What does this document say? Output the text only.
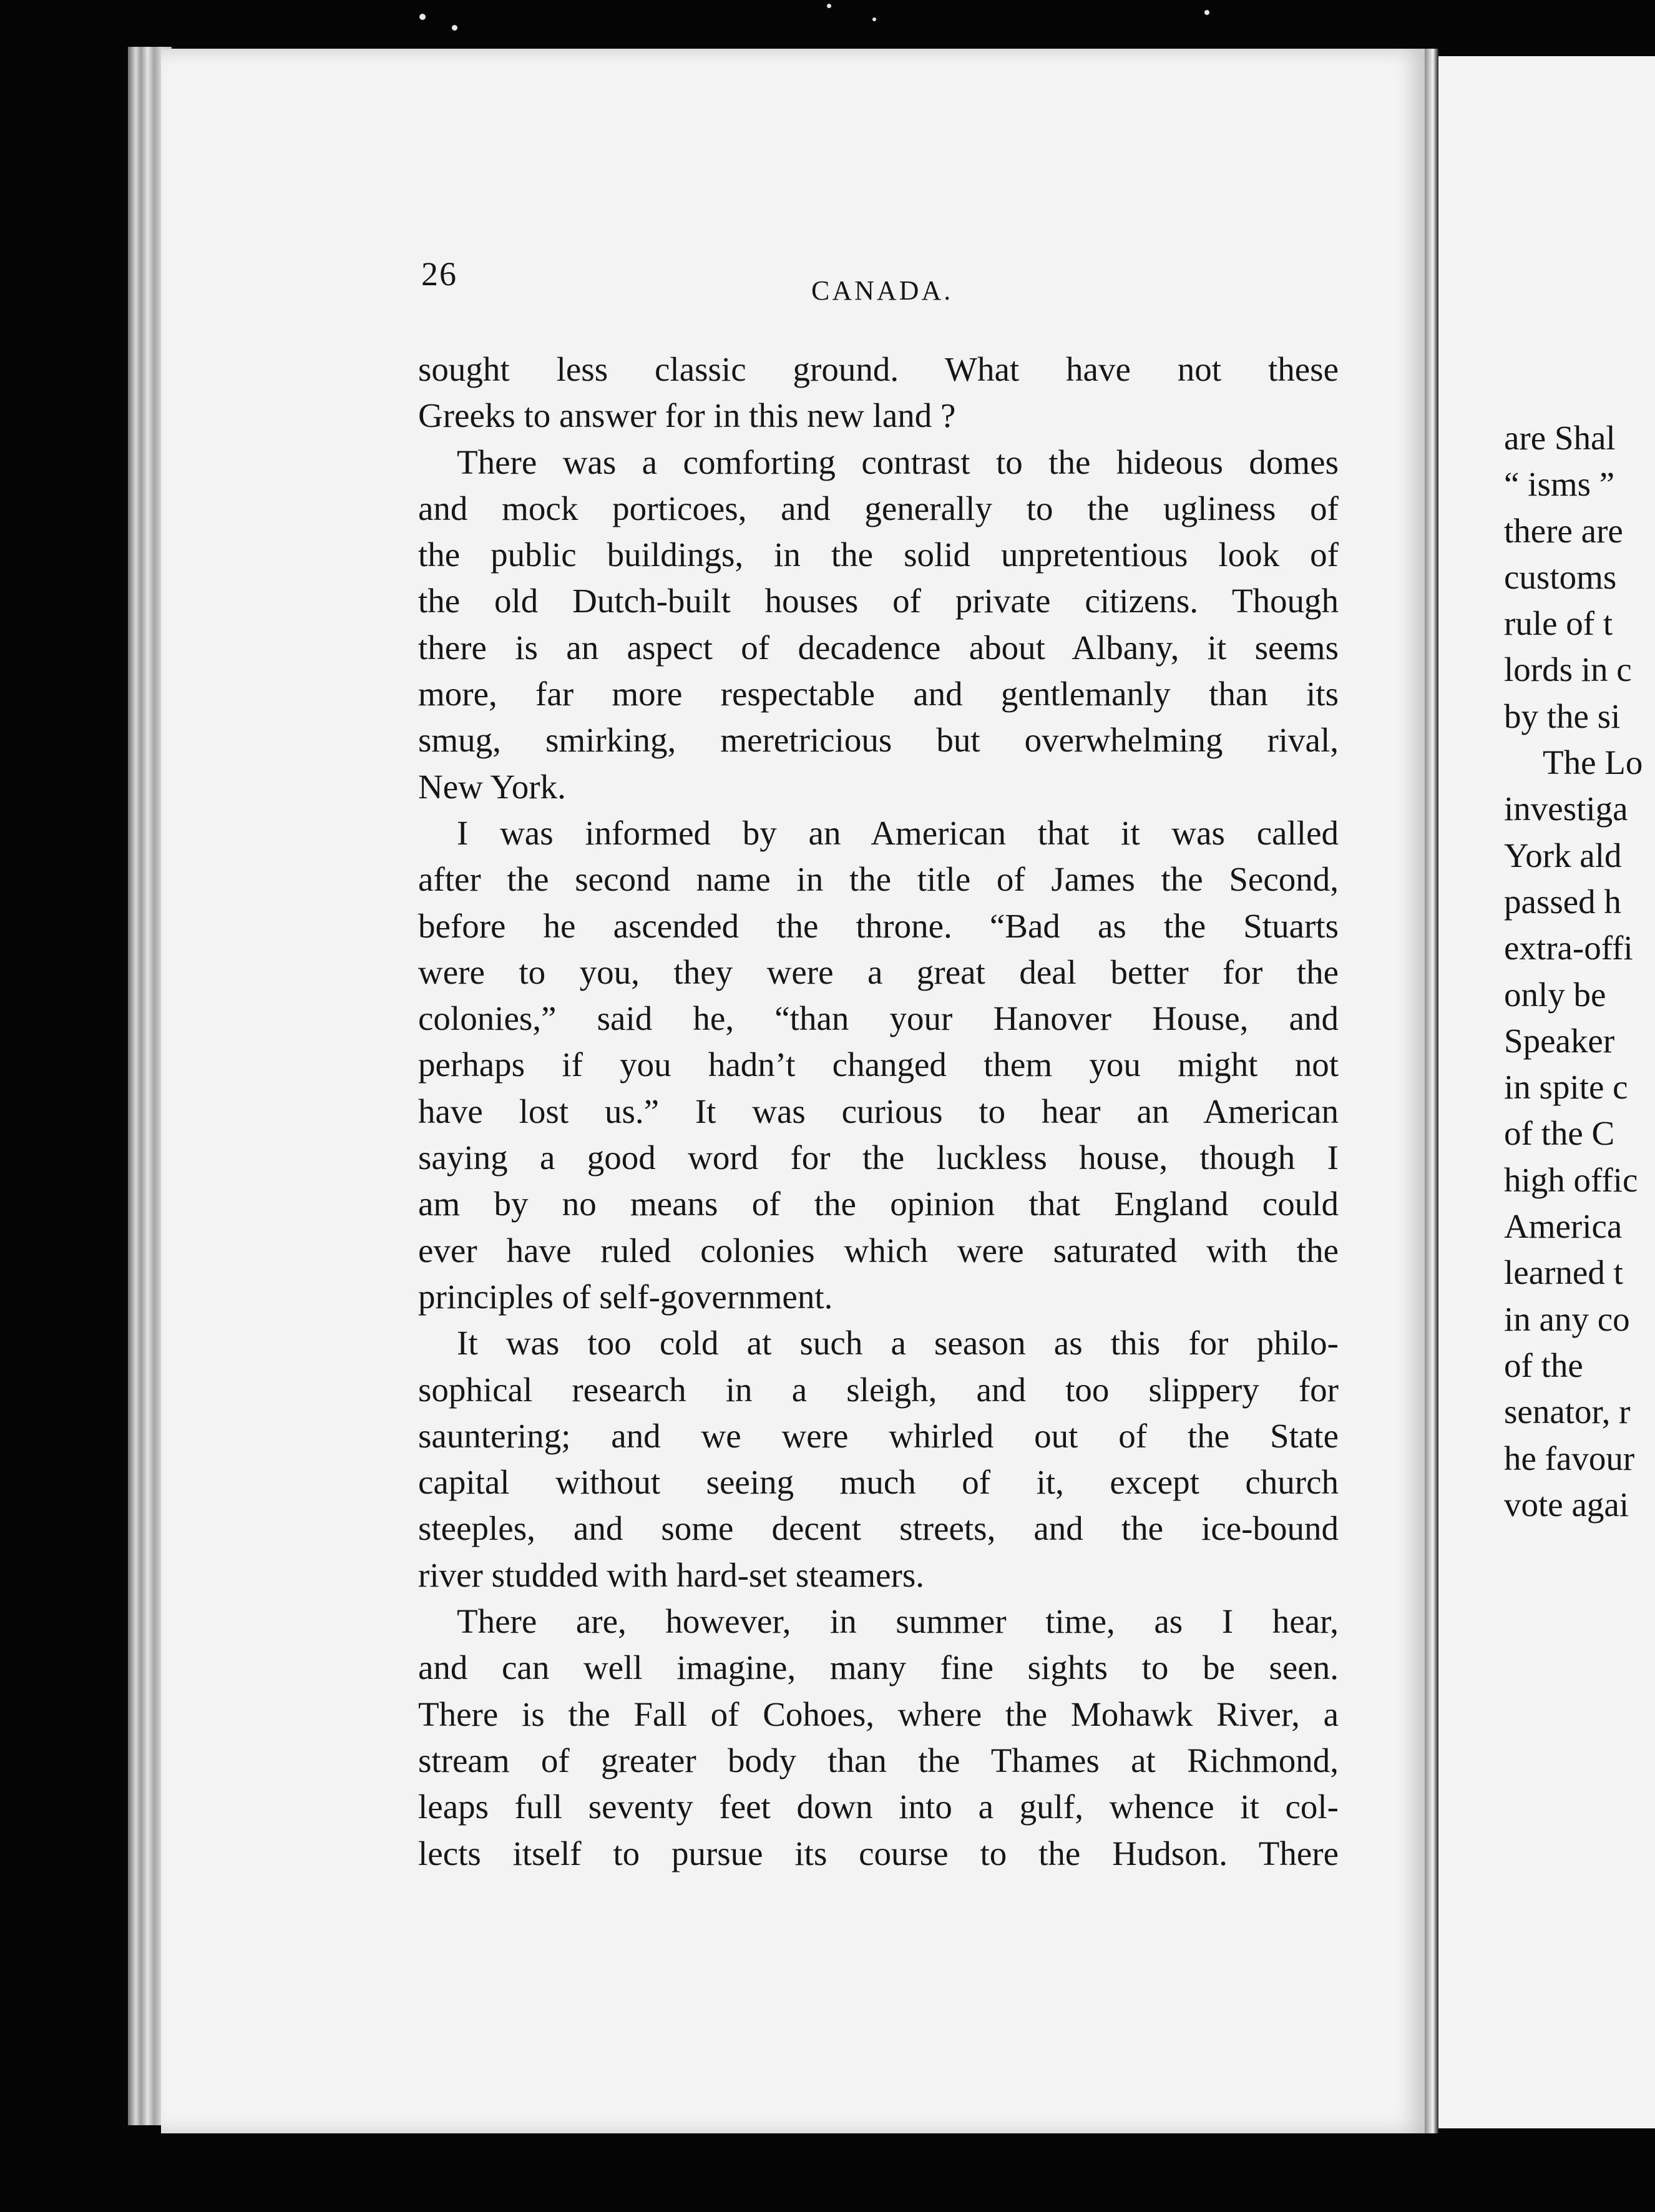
26	CANADA.
sought less classic ground. What have not these
Greeks to answer for in this new land ?
There was a comforting contrast to the hideous domes
and mock porticoes, and generally to the ugliness of
the public buildings, in the solid unpretentious look of
the old Dutch-built houses of private citizens. Though
there is an aspect of decadence about Albany, it seems
more, far more respectable and gentlemanly than its
smug, smirking, meretricious but overwhelming rival,
New York.
I was informed by an American that it was called
after the second name in the title of James the Second,
before he ascended the throne. “Bad as the Stuarts
were to you, they were a great deal better for the
colonies,” said he, “than your Hanover House, and
perhaps if you hadn’t changed them you might not
have lost us.” It was curious to hear an American
saying a good word for the luckless house, though I
am by no means of the opinion that England could
ever have ruled colonies which were saturated with the
principles of self-government.
It was too cold at such a season as this for philo-
sophical research in a sleigh, and too slippery for
sauntering; and we were whirled out of the State
capital without seeing much of it, except church
steeples, and some decent streets, and the ice-bound
river studded with hard-set steamers.
There are, however, in summer time, as I hear,
and can well imagine, many fine sights to be seen.
There is the Fall of Cohoes, where the Mohawk River, a
stream of greater body than the Thames at Richmond,
leaps full seventy feet down into a gulf, whence it col-
lects itself to pursue its course to the Hudson. There
are Shal
“ isms ”
there are
customs
rule of t
lords in c
by the si
The Lo
investiga
York ald
passed h
extra-offi
only be
Speaker
in spite c
of the C
high offic
America
learned t
in any co
of the
senator, r
he favour
vote agai
